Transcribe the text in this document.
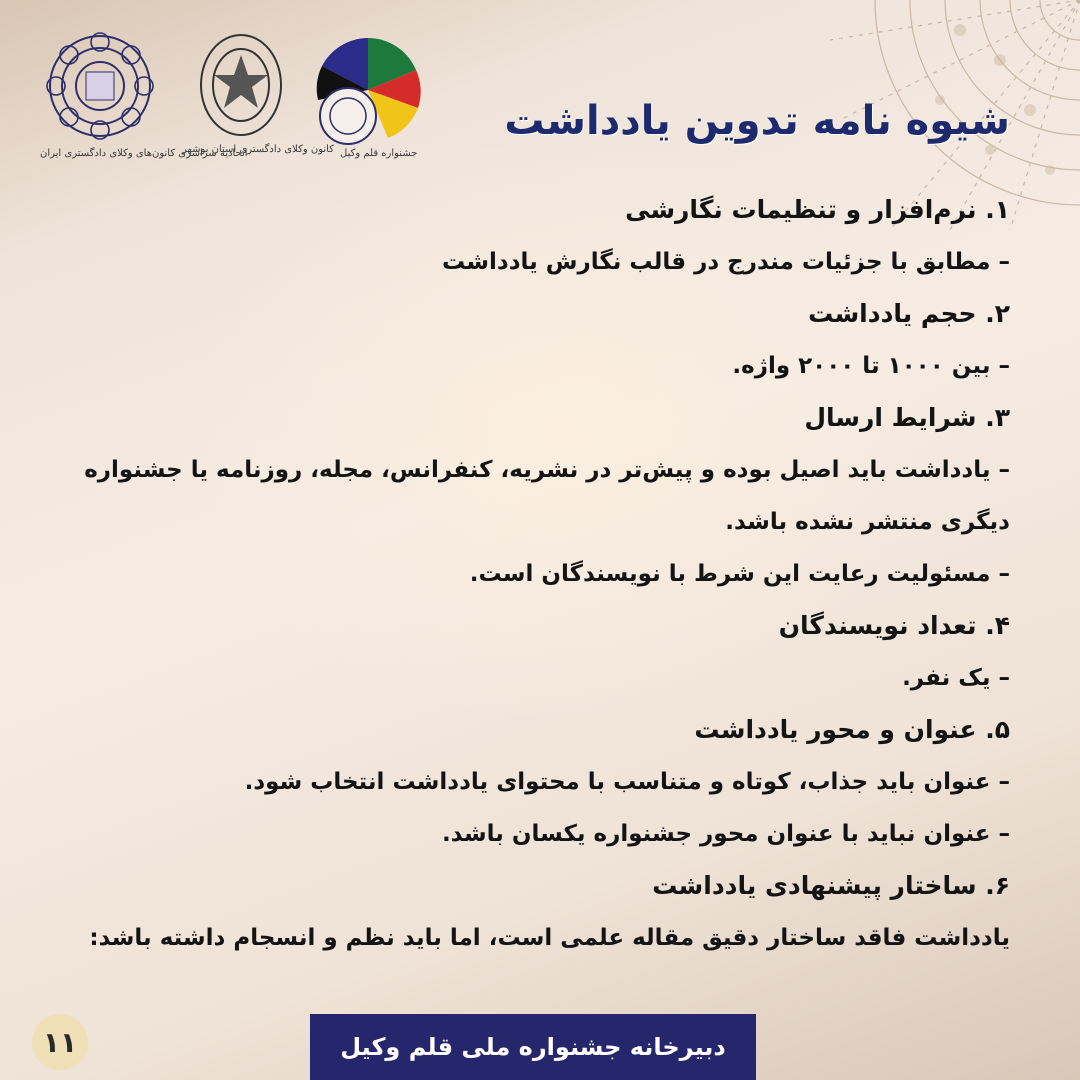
اتحادیه سراسری کانون‌های وکلای دادگستری ایران
کانون وکلای دادگستری استان بوشهر جشنواره قلم وکیل
شیوه نامه تدوین یادداشت
۱. نرم‌افزار و تنظیمات نگارشی
– مطابق با جزئیات مندرج در قالب نگارش یادداشت
۲. حجم یادداشت
– بین ۱۰۰۰ تا ۲۰۰۰ واژه.
۳. شرایط ارسال
– یادداشت باید اصیل بوده و پیش‌تر در نشریه، کنفرانس، مجله، روزنامه یا جشنواره دیگری منتشر نشده باشد.
– مسئولیت رعایت این شرط با نویسندگان است.
۴. تعداد نویسندگان
– یک نفر.
۵. عنوان و محور یادداشت
– عنوان باید جذاب، کوتاه و متناسب با محتوای یادداشت انتخاب شود.
– عنوان نباید با عنوان محور جشنواره یکسان باشد.
۶. ساختار پیشنهادی یادداشت
یادداشت فاقد ساختار دقیق مقاله علمی است، اما باید نظم و انسجام داشته باشد:
۱۱	دبیرخانه جشنواره ملی قلم وکیل
